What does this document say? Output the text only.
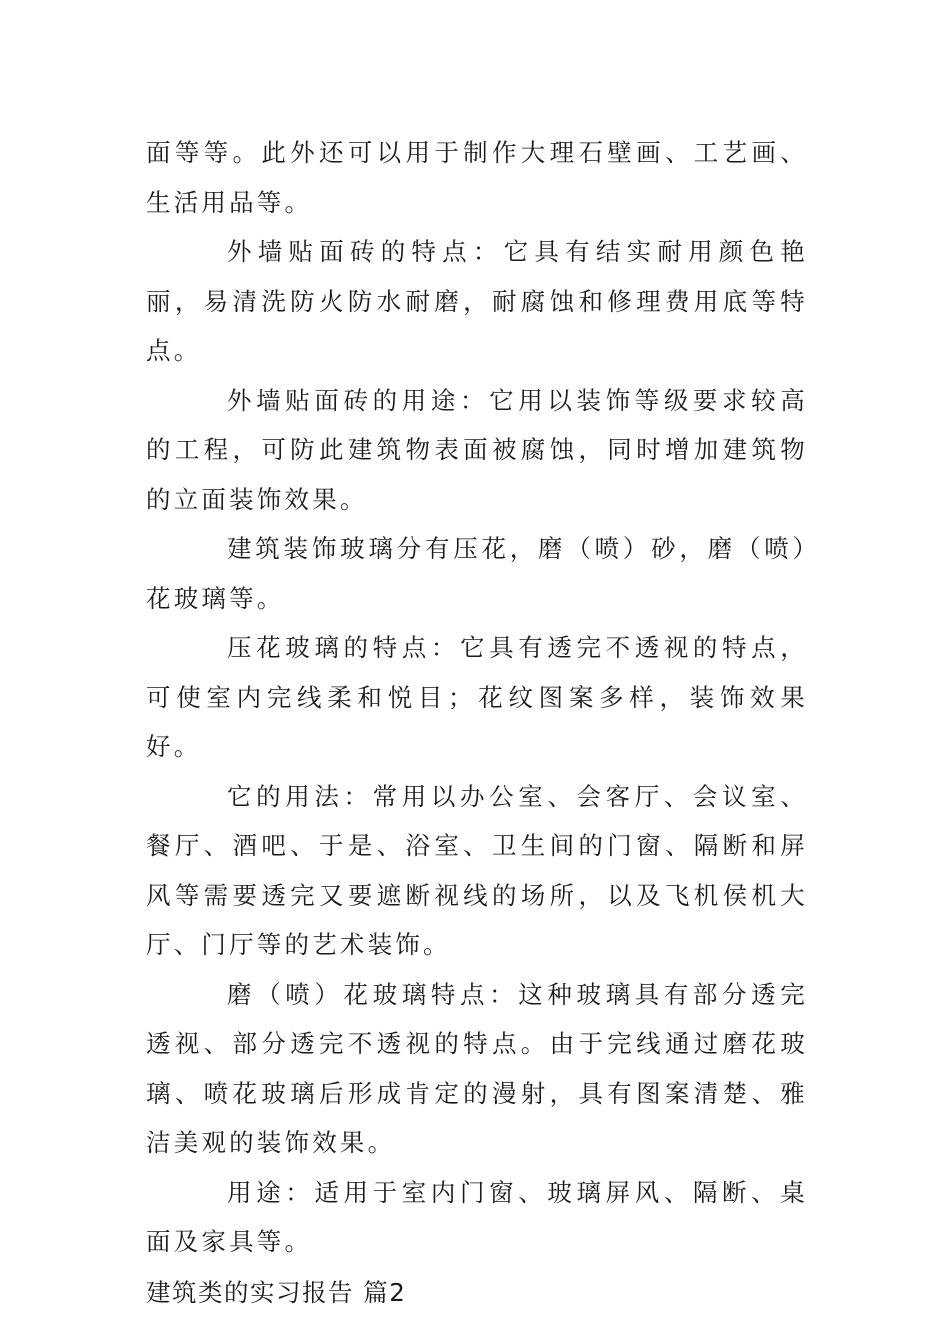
面等等。此外还可以用于制作大理石壁画、工艺画、生活用品等。

外墙贴面砖的特点：它具有结实耐用颜色艳丽，易清洗防火防水耐磨，耐腐蚀和修理费用底等特点。

外墙贴面砖的用途：它用以装饰等级要求较高的工程，可防此建筑物表面被腐蚀，同时增加建筑物的立面装饰效果。

建筑装饰玻璃分有压花，磨（喷）砂，磨（喷）花玻璃等。

压花玻璃的特点：它具有透完不透视的特点，可使室内完线柔和悦目；花纹图案多样，装饰效果好。

它的用法：常用以办公室、会客厅、会议室、餐厅、酒吧、于是、浴室、卫生间的门窗、隔断和屏风等需要透完又要遮断视线的场所，以及飞机侯机大厅、门厅等的艺术装饰。

磨（喷）花玻璃特点：这种玻璃具有部分透完透视、部分透完不透视的特点。由于完线通过磨花玻璃、喷花玻璃后形成肯定的漫射，具有图案清楚、雅洁美观的装饰效果。

用途：适用于室内门窗、玻璃屏风、隔断、桌面及家具等。

建筑类的实习报告 篇2
